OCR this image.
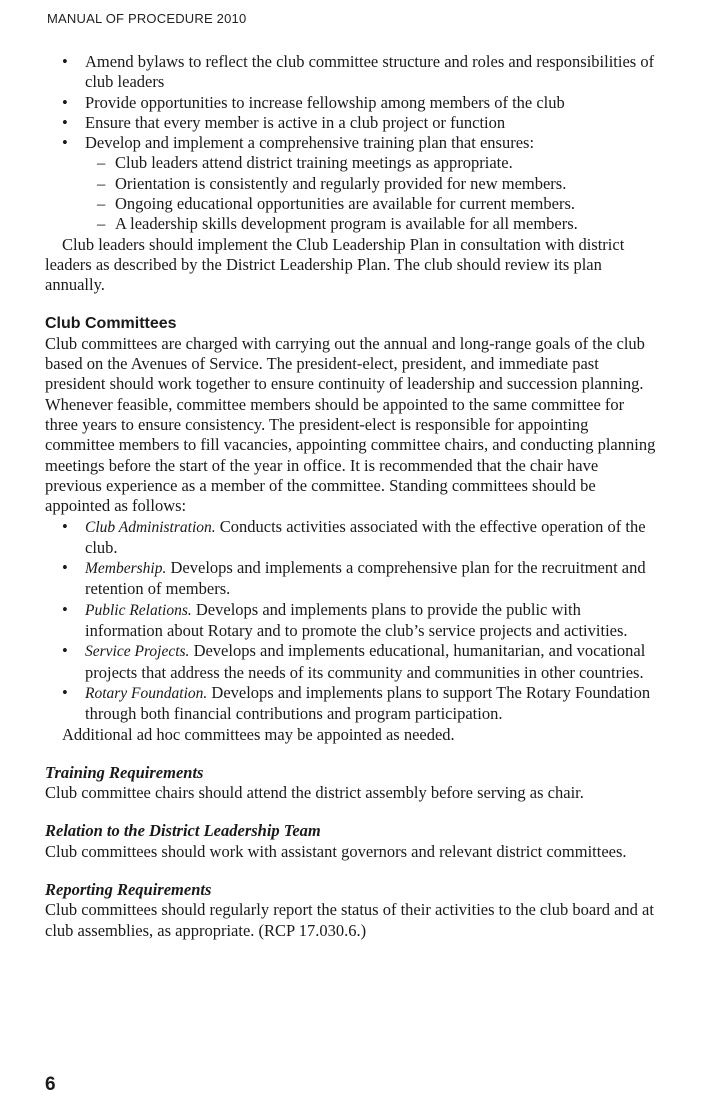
MANUAL OF PROCEDURE 2010
• Amend bylaws to reflect the club committee structure and roles and responsibilities of club leaders
• Provide opportunities to increase fellowship among members of the club
• Ensure that every member is active in a club project or function
• Develop and implement a comprehensive training plan that ensures:
– Club leaders attend district training meetings as appropriate.
– Orientation is consistently and regularly provided for new members.
– Ongoing educational opportunities are available for current members.
– A leadership skills development program is available for all members.

Club leaders should implement the Club Leadership Plan in consultation with district leaders as described by the District Leadership Plan. The club should review its plan annually.

Club Committees

Club committees are charged with carrying out the annual and long-range goals of the club based on the Avenues of Service. The president-elect, president, and immediate past president should work together to ensure continuity of leadership and succession planning. Whenever feasible, committee members should be appointed to the same committee for three years to ensure consistency. The president-elect is responsible for appointing committee members to fill vacancies, appointing committee chairs, and conducting planning meetings before the start of the year in office. It is recommended that the chair have previous experience as a member of the committee. Standing committees should be appointed as follows:

• Club Administration. Conducts activities associated with the effective operation of the club.
• Membership. Develops and implements a comprehensive plan for the recruitment and retention of members.
• Public Relations. Develops and implements plans to provide the public with information about Rotary and to promote the club’s service projects and activities.
• Service Projects. Develops and implements educational, humanitarian, and vocational projects that address the needs of its community and communities in other countries.
• Rotary Foundation. Develops and implements plans to support The Rotary Foundation through both financial contributions and program participation.

Additional ad hoc committees may be appointed as needed.

Training Requirements

Club committee chairs should attend the district assembly before serving as chair.

Relation to the District Leadership Team

Club committees should work with assistant governors and relevant district committees.

Reporting Requirements

Club committees should regularly report the status of their activities to the club board and at club assemblies, as appropriate. (RCP 17.030.6.)

6
